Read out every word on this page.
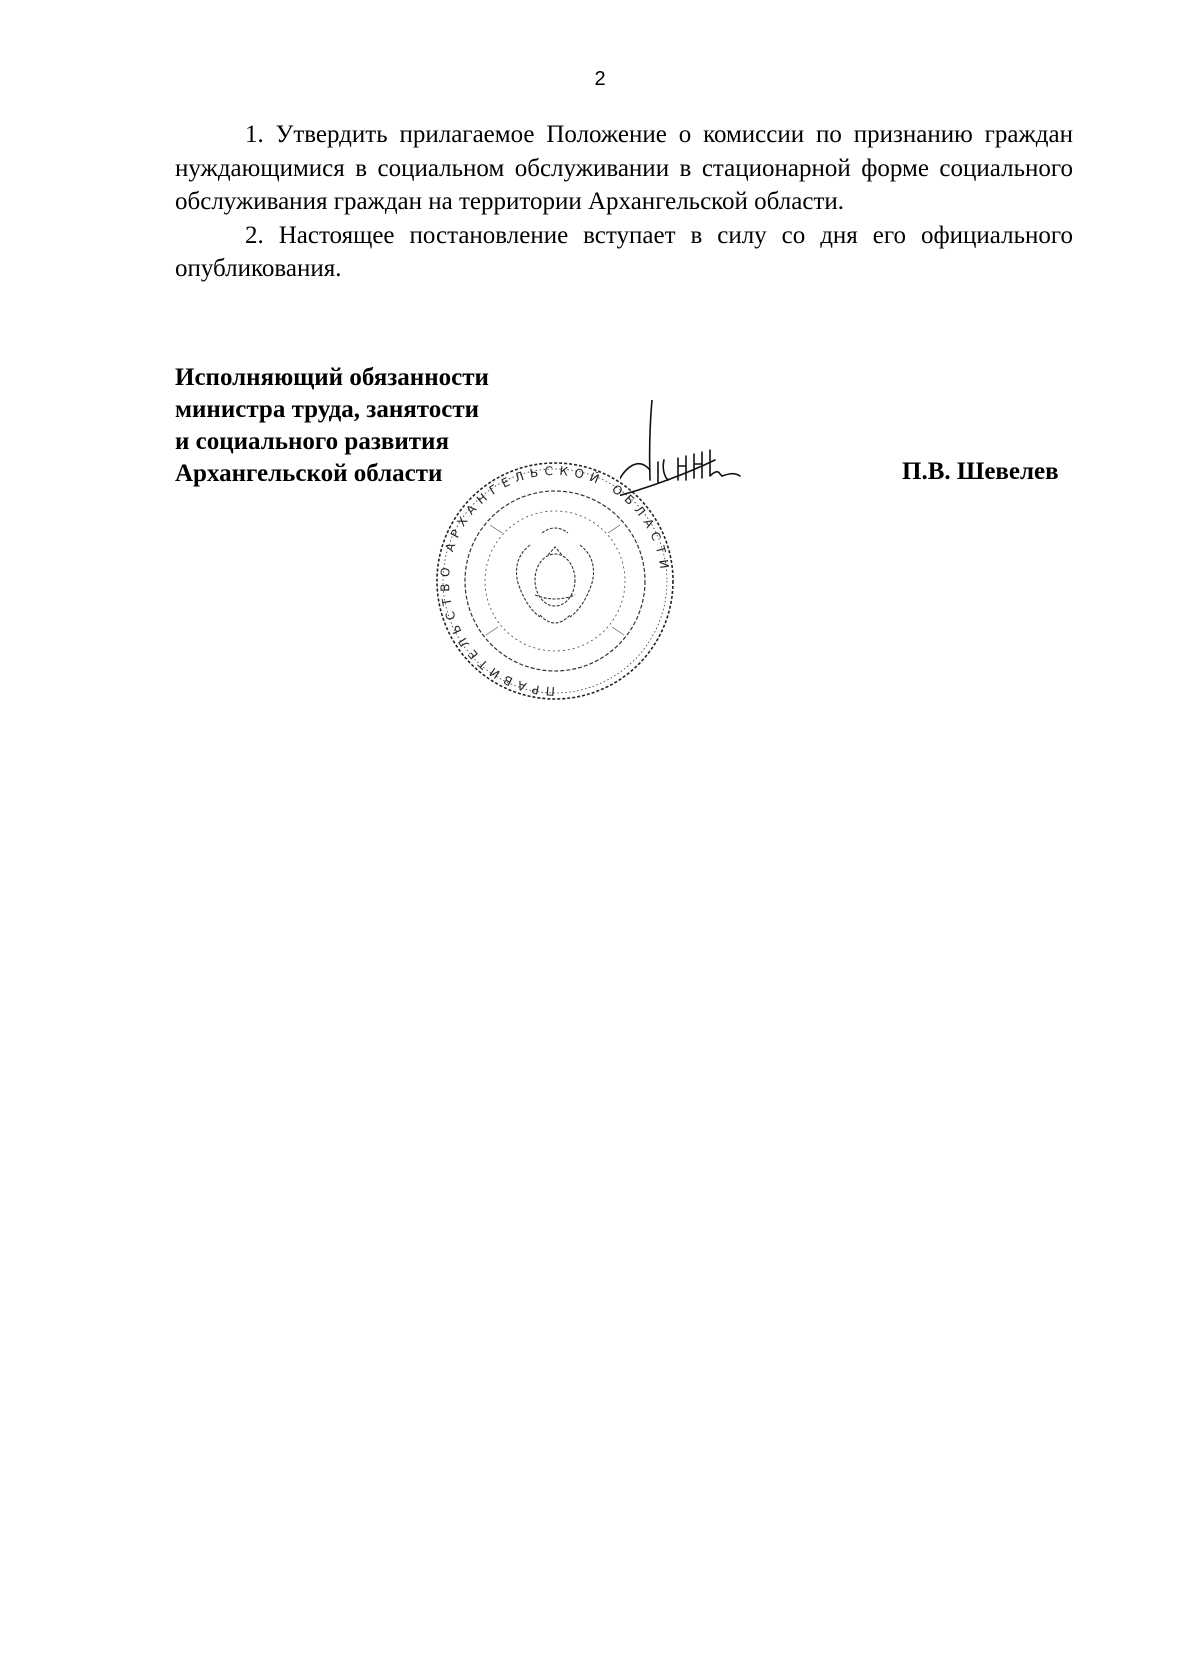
2

1. Утвердить прилагаемое Положение о комиссии по признанию граждан нуждающимися в социальном обслуживании в стационарной форме социального обслуживания граждан на территории Архангельской области.

2. Настоящее постановление вступает в силу со дня его официального опубликования.

Исполняющий обязанности
министра труда, занятости
и социального развития
Архангельской области
ПРАВИТЕЛЬСТВО АРХАНГЕЛЬСКОЙ ОБЛАСТИ
П.В. Шевелев
